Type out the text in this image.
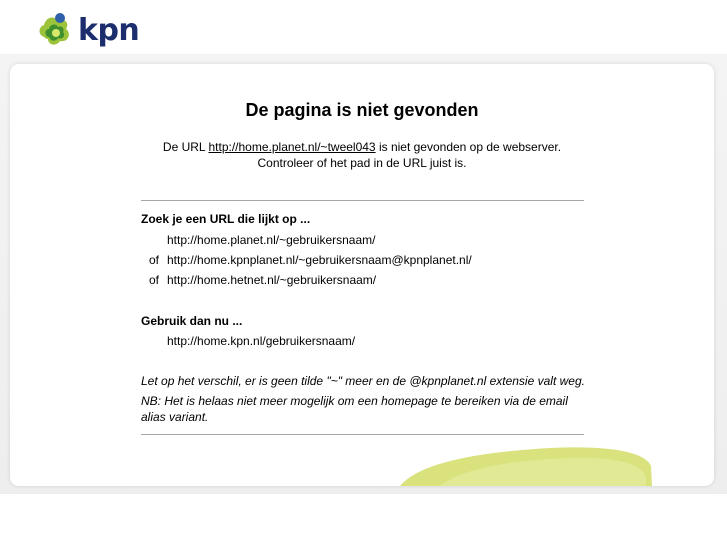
kpn
De pagina is niet gevonden
De URL http://home.planet.nl/~tweel043 is niet gevonden op de webserver.
Controleer of het pad in de URL juist is.
Zoek je een URL die lijkt op ...
http://home.planet.nl/~gebruikersnaam/
of http://home.kpnplanet.nl/~gebruikersnaam@kpnplanet.nl/
of http://home.hetnet.nl/~gebruikersnaam/
Gebruik dan nu ...
http://home.kpn.nl/gebruikersnaam/
Let op het verschil, er is geen tilde "~" meer en de @kpnplanet.nl extensie valt weg.
NB: Het is helaas niet meer mogelijk om een homepage te bereiken via de email alias variant.
